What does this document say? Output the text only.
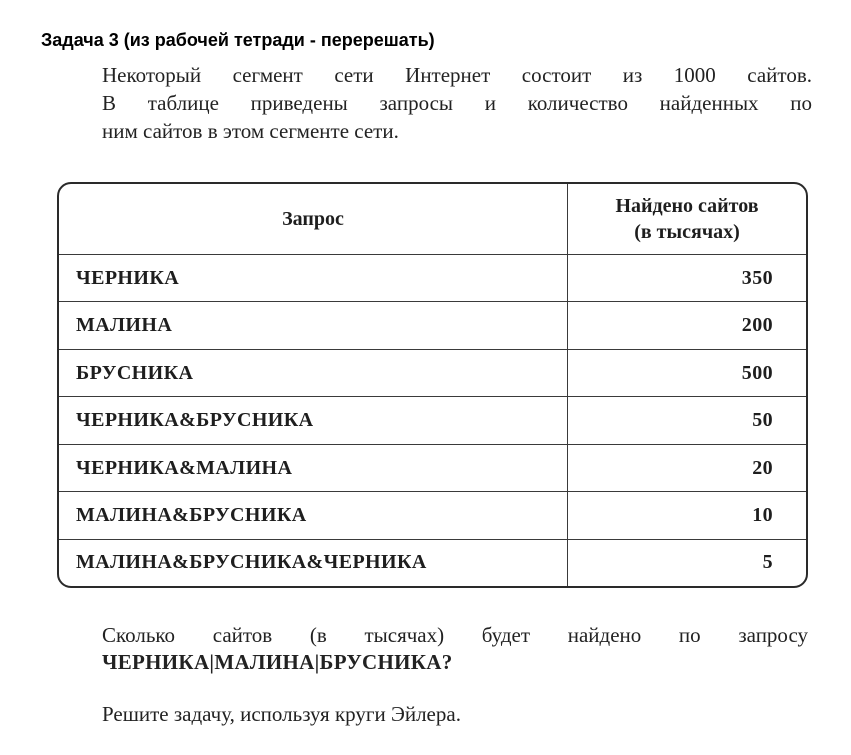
Задача 3 (из рабочей тетради - перерешать)
Некоторый сегмент сети Интернет состоит из 1000 сайтов.
В таблице приведены запросы и количество найденных по
ним сайтов в этом сегменте сети.
Запрос	Найдено сайтов
(в тысячах)
ЧЕРНИКА	350
МАЛИНА	200
БРУСНИКА	500
ЧЕРНИКА&БРУСНИКА	50
ЧЕРНИКА&МАЛИНА	20
МАЛИНА&БРУСНИКА	10
МАЛИНА&БРУСНИКА&ЧЕРНИКА	5
Сколько сайтов (в тысячах) будет найдено по запросу
ЧЕРНИКА|МАЛИНА|БРУСНИКА?
Решите задачу, используя круги Эйлера.
